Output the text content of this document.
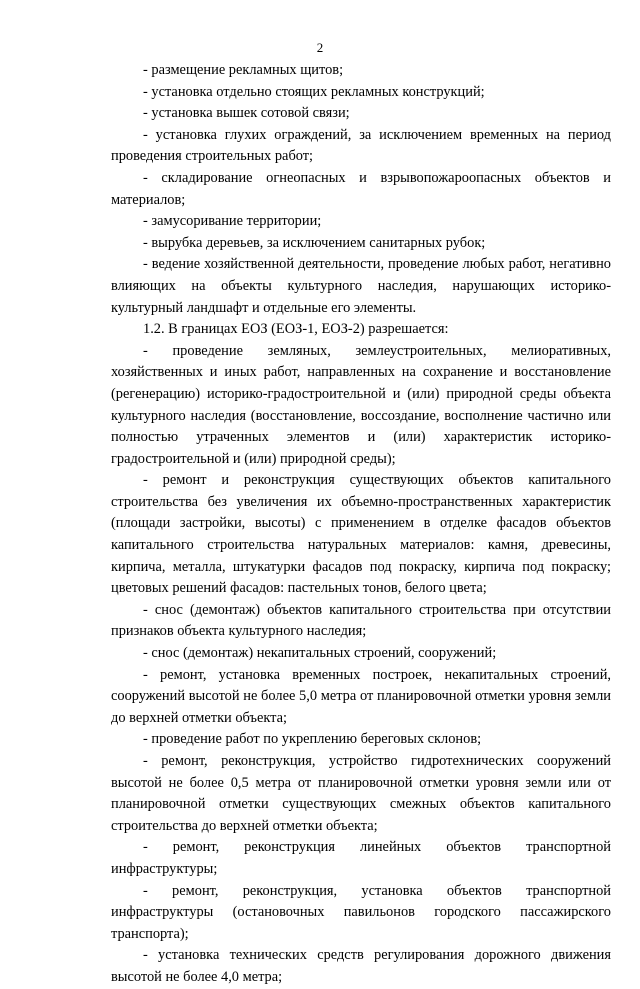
2

- размещение рекламных щитов;

- установка отдельно стоящих рекламных конструкций;

- установка вышек сотовой связи;

- установка глухих ограждений, за исключением временных на период проведения строительных работ;

- складирование огнеопасных и взрывопожароопасных объектов и материалов;

- замусоривание территории;

- вырубка деревьев, за исключением санитарных рубок;

- ведение хозяйственной деятельности, проведение любых работ, негативно влияющих на объекты культурного наследия, нарушающих историко-культурный ландшафт и отдельные его элементы.

1.2. В границах ЕОЗ (ЕОЗ-1, ЕОЗ-2) разрешается:

- проведение земляных, землеустроительных, мелиоративных, хозяйственных и иных работ, направленных на сохранение и восстановление (регенерацию) историко-градостроительной и (или) природной среды объекта культурного наследия (восстановление, воссоздание, восполнение частично или полностью утраченных элементов и (или) характеристик историко-градостроительной и (или) природной среды);

- ремонт и реконструкция существующих объектов капитального строительства без увеличения их объемно-пространственных характеристик (площади застройки, высоты) с применением в отделке фасадов объектов капитального строительства натуральных материалов: камня, древесины, кирпича, металла, штукатурки фасадов под покраску, кирпича под покраску; цветовых решений фасадов: пастельных тонов, белого цвета;

- снос (демонтаж) объектов капитального строительства при отсутствии признаков объекта культурного наследия;

- снос (демонтаж) некапитальных строений, сооружений;

- ремонт, установка временных построек, некапитальных строений, сооружений высотой не более 5,0 метра от планировочной отметки уровня земли до верхней отметки объекта;

- проведение работ по укреплению береговых склонов;

- ремонт, реконструкция, устройство гидротехнических сооружений высотой не более 0,5 метра от планировочной отметки уровня земли или от планировочной отметки существующих смежных объектов капитального строительства до верхней отметки объекта;

- ремонт, реконструкция линейных объектов транспортной инфраструктуры;

- ремонт, реконструкция, установка объектов транспортной инфраструктуры (остановочных павильонов городского пассажирского транспорта);

- установка технических средств регулирования дорожного движения высотой не более 4,0 метра;
